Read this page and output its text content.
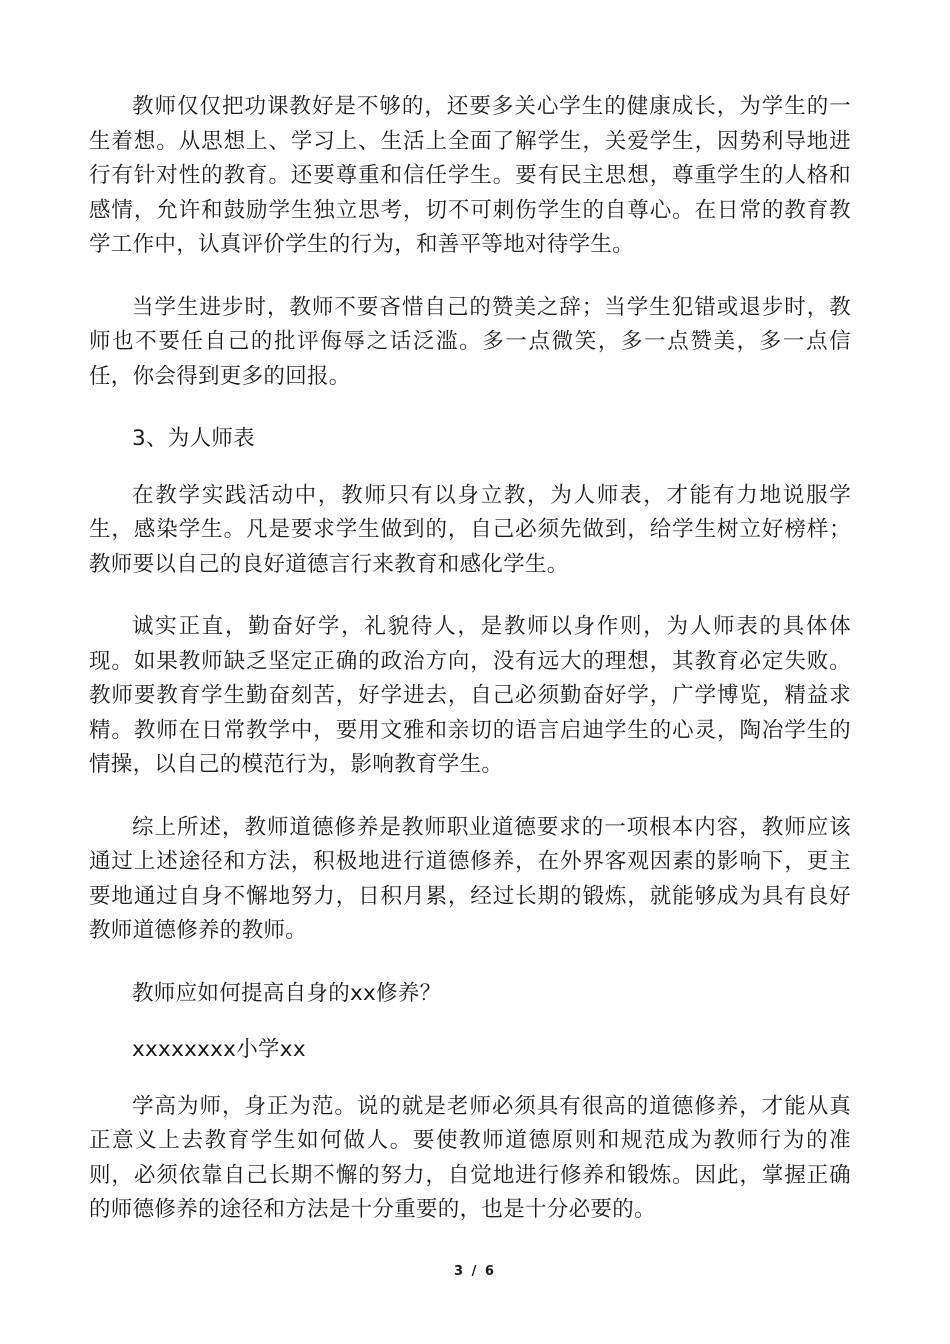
教师仅仅把功课教好是不够的，还要多关心学生的健康成长，为学生的一生着想。从思想上、学习上、生活上全面了解学生，关爱学生，因势利导地进行有针对性的教育。还要尊重和信任学生。要有民主思想，尊重学生的人格和感情，允许和鼓励学生独立思考，切不可刺伤学生的自尊心。在日常的教育教学工作中，认真评价学生的行为，和善平等地对待学生。

当学生进步时，教师不要吝惜自己的赞美之辞；当学生犯错或退步时，教师也不要任自己的批评侮辱之话泛滥。多一点微笑，多一点赞美，多一点信任，你会得到更多的回报。

3、为人师表

在教学实践活动中，教师只有以身立教，为人师表，才能有力地说服学生，感染学生。凡是要求学生做到的，自己必须先做到，给学生树立好榜样；教师要以自己的良好道德言行来教育和感化学生。

诚实正直，勤奋好学，礼貌待人，是教师以身作则，为人师表的具体体现。如果教师缺乏坚定正确的政治方向，没有远大的理想，其教育必定失败。教师要教育学生勤奋刻苦，好学进去，自己必须勤奋好学，广学博览，精益求精。教师在日常教学中，要用文雅和亲切的语言启迪学生的心灵，陶冶学生的情操，以自己的模范行为，影响教育学生。

综上所述，教师道德修养是教师职业道德要求的一项根本内容，教师应该通过上述途径和方法，积极地进行道德修养，在外界客观因素的影响下，更主要地通过自身不懈地努力，日积月累，经过长期的锻炼，就能够成为具有良好教师道德修养的教师。

教师应如何提高自身的xx修养？

xxxxxxxx小学xx

学高为师，身正为范。说的就是老师必须具有很高的道德修养，才能从真正意义上去教育学生如何做人。要使教师道德原则和规范成为教师行为的准则，必须依靠自己长期不懈的努力，自觉地进行修养和锻炼。因此，掌握正确的师德修养的途径和方法是十分重要的，也是十分必要的。

3 / 6
